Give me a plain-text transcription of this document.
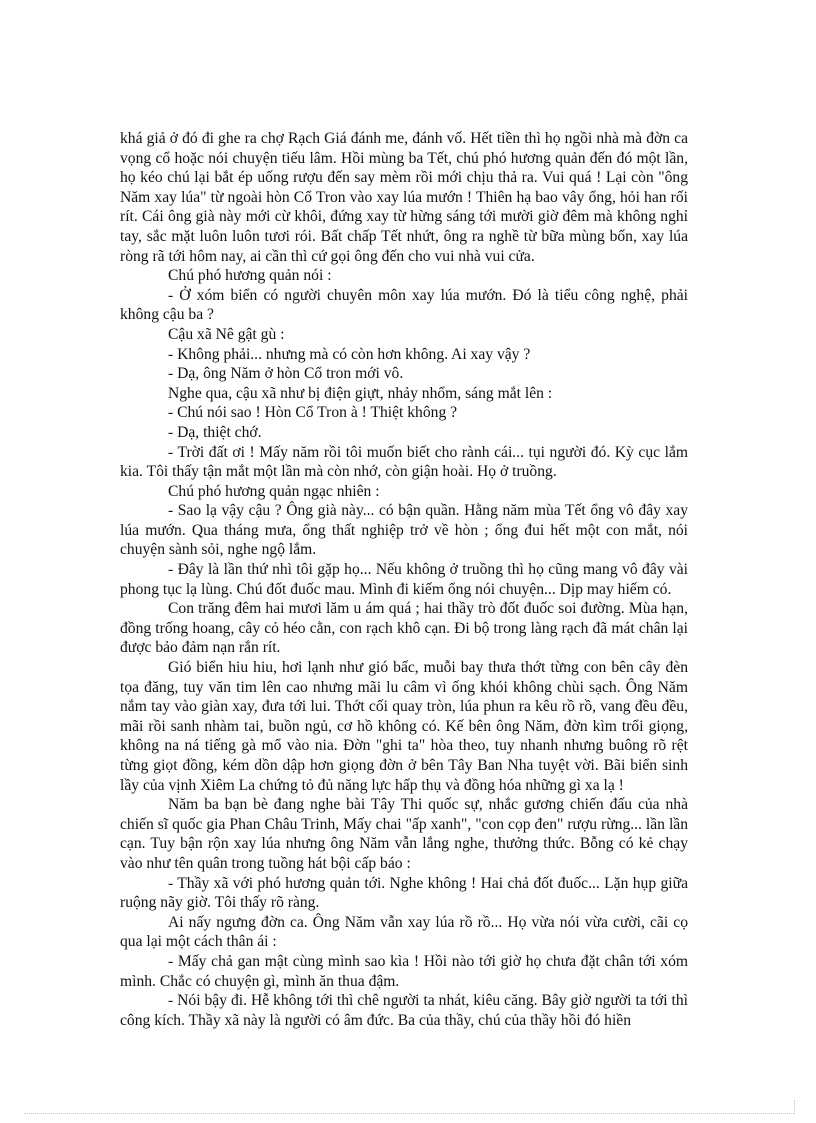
khá giả ở đó đi ghe ra chợ Rạch Giá đánh me, đánh vố. Hết tiền thì họ ngồi nhà mà đờn ca vọng cổ hoặc nói chuyện tiếu lâm. Hồi mùng ba Tết, chú phó hương quản đến đó một lần, họ kéo chú lại bắt ép uống rượu đến say mèm rồi mới chịu thả ra. Vui quá ! Lại còn "ông Năm xay lúa" từ ngoài hòn Cổ Tron vào xay lúa mướn ! Thiên hạ bao vây ổng, hỏi han rối rít. Cái ông già này mới cừ khôi, đứng xay từ hừng sáng tới mười giờ đêm mà không nghỉ tay, sắc mặt luôn luôn tươi rói. Bất chấp Tết nhứt, ông ra nghề từ bữa mùng bốn, xay lúa ròng rã tới hôm nay, ai cần thì cứ gọi ông đến cho vui nhà vui cửa.

Chú phó hương quản nói :

- Ở xóm biển có người chuyên môn xay lúa mướn. Đó là tiểu công nghệ, phải không cậu ba ?

Cậu xã Nê gật gù :

- Không phải... nhưng mà có còn hơn không. Ai xay vậy ?

- Dạ, ông Năm ở hòn Cổ tron mới vô.

Nghe qua, cậu xã như bị điện giựt, nhảy nhổm, sáng mắt lên :

- Chú nói sao ! Hòn Cổ Tron à ! Thiệt không ?

- Dạ, thiệt chớ.

- Trời đất ơi ! Mấy năm rồi tôi muốn biết cho rành cái... tụi người đó. Kỳ cục lắm kia. Tôi thấy tận mắt một lần mà còn nhớ, còn giận hoài. Họ ở truồng.

Chú phó hương quản ngạc nhiên :

- Sao lạ vậy cậu ? Ông già này... có bận quần. Hằng năm mùa Tết ổng vô đây xay lúa mướn. Qua tháng mưa, ổng thất nghiệp trở về hòn ; ổng đui hết một con mắt, nói chuyện sành sỏi, nghe ngộ lắm.

- Đây là lần thứ nhì tôi gặp họ... Nếu không ở truồng thì họ cũng mang vô đây vài phong tục lạ lùng. Chú đốt đuốc mau. Mình đi kiếm ổng nói chuyện... Dịp may hiếm có.

Con trăng đêm hai mươi lăm u ám quá ; hai thầy trò đốt đuốc soi đường. Mùa hạn, đồng trống hoang, cây cỏ héo cằn, con rạch khô cạn. Đi bộ trong làng rạch đã mát chân lại được bảo đảm nạn rắn rít.

Gió biển hiu hiu, hơi lạnh như gió bấc, muỗi bay thưa thớt từng con bên cây đèn tọa đăng, tuy văn tim lên cao nhưng mãi lu câm vì ống khói không chùi sạch. Ông Năm nắm tay vào giàn xay, đưa tới lui. Thớt cối quay tròn, lúa phun ra kêu rồ rồ, vang đều đều, mãi rồi sanh nhàm tai, buồn ngủ, cơ hồ không có. Kế bên ông Năm, đờn kìm trổi giọng, không na ná tiếng gà mổ vào nia. Đờn "ghi ta" hòa theo, tuy nhanh nhưng buông rõ rệt từng giọt đồng, kém dồn dập hơn giọng đờn ở bên Tây Ban Nha tuyệt vời. Bãi biển sinh lầy của vịnh Xiêm La chứng tỏ đủ năng lực hấp thụ và đồng hóa những gì xa lạ !

Năm ba bạn bè đang nghe bài Tây Thi quốc sự, nhắc gương chiến đấu của nhà chiến sĩ quốc gia Phan Châu Trinh, Mấy chai "ấp xanh", "con cọp đen" rượu rừng... lần lần cạn. Tuy bận rộn xay lúa nhưng ông Năm vẫn lắng nghe, thưởng thức. Bỗng có kẻ chạy vào như tên quân trong tuồng hát bội cấp báo :

- Thầy xã với phó hương quản tới. Nghe không ! Hai chả đốt đuốc... Lặn hụp giữa ruộng nãy giờ. Tôi thấy rõ ràng.

Ai nấy ngưng đờn ca. Ông Năm vẫn xay lúa rồ rồ... Họ vừa nói vừa cười, cãi cọ qua lại một cách thân ái :

- Mấy chả gan mật cùng mình sao kìa ! Hồi nào tới giờ họ chưa đặt chân tới xóm mình. Chắc có chuyện gì, mình ăn thua đậm.

- Nói bậy đi. Hễ không tới thì chê người ta nhát, kiêu căng. Bây giờ người ta tới thì công kích. Thầy xã này là người có âm đức. Ba của thầy, chú của thầy hồi đó hiền
